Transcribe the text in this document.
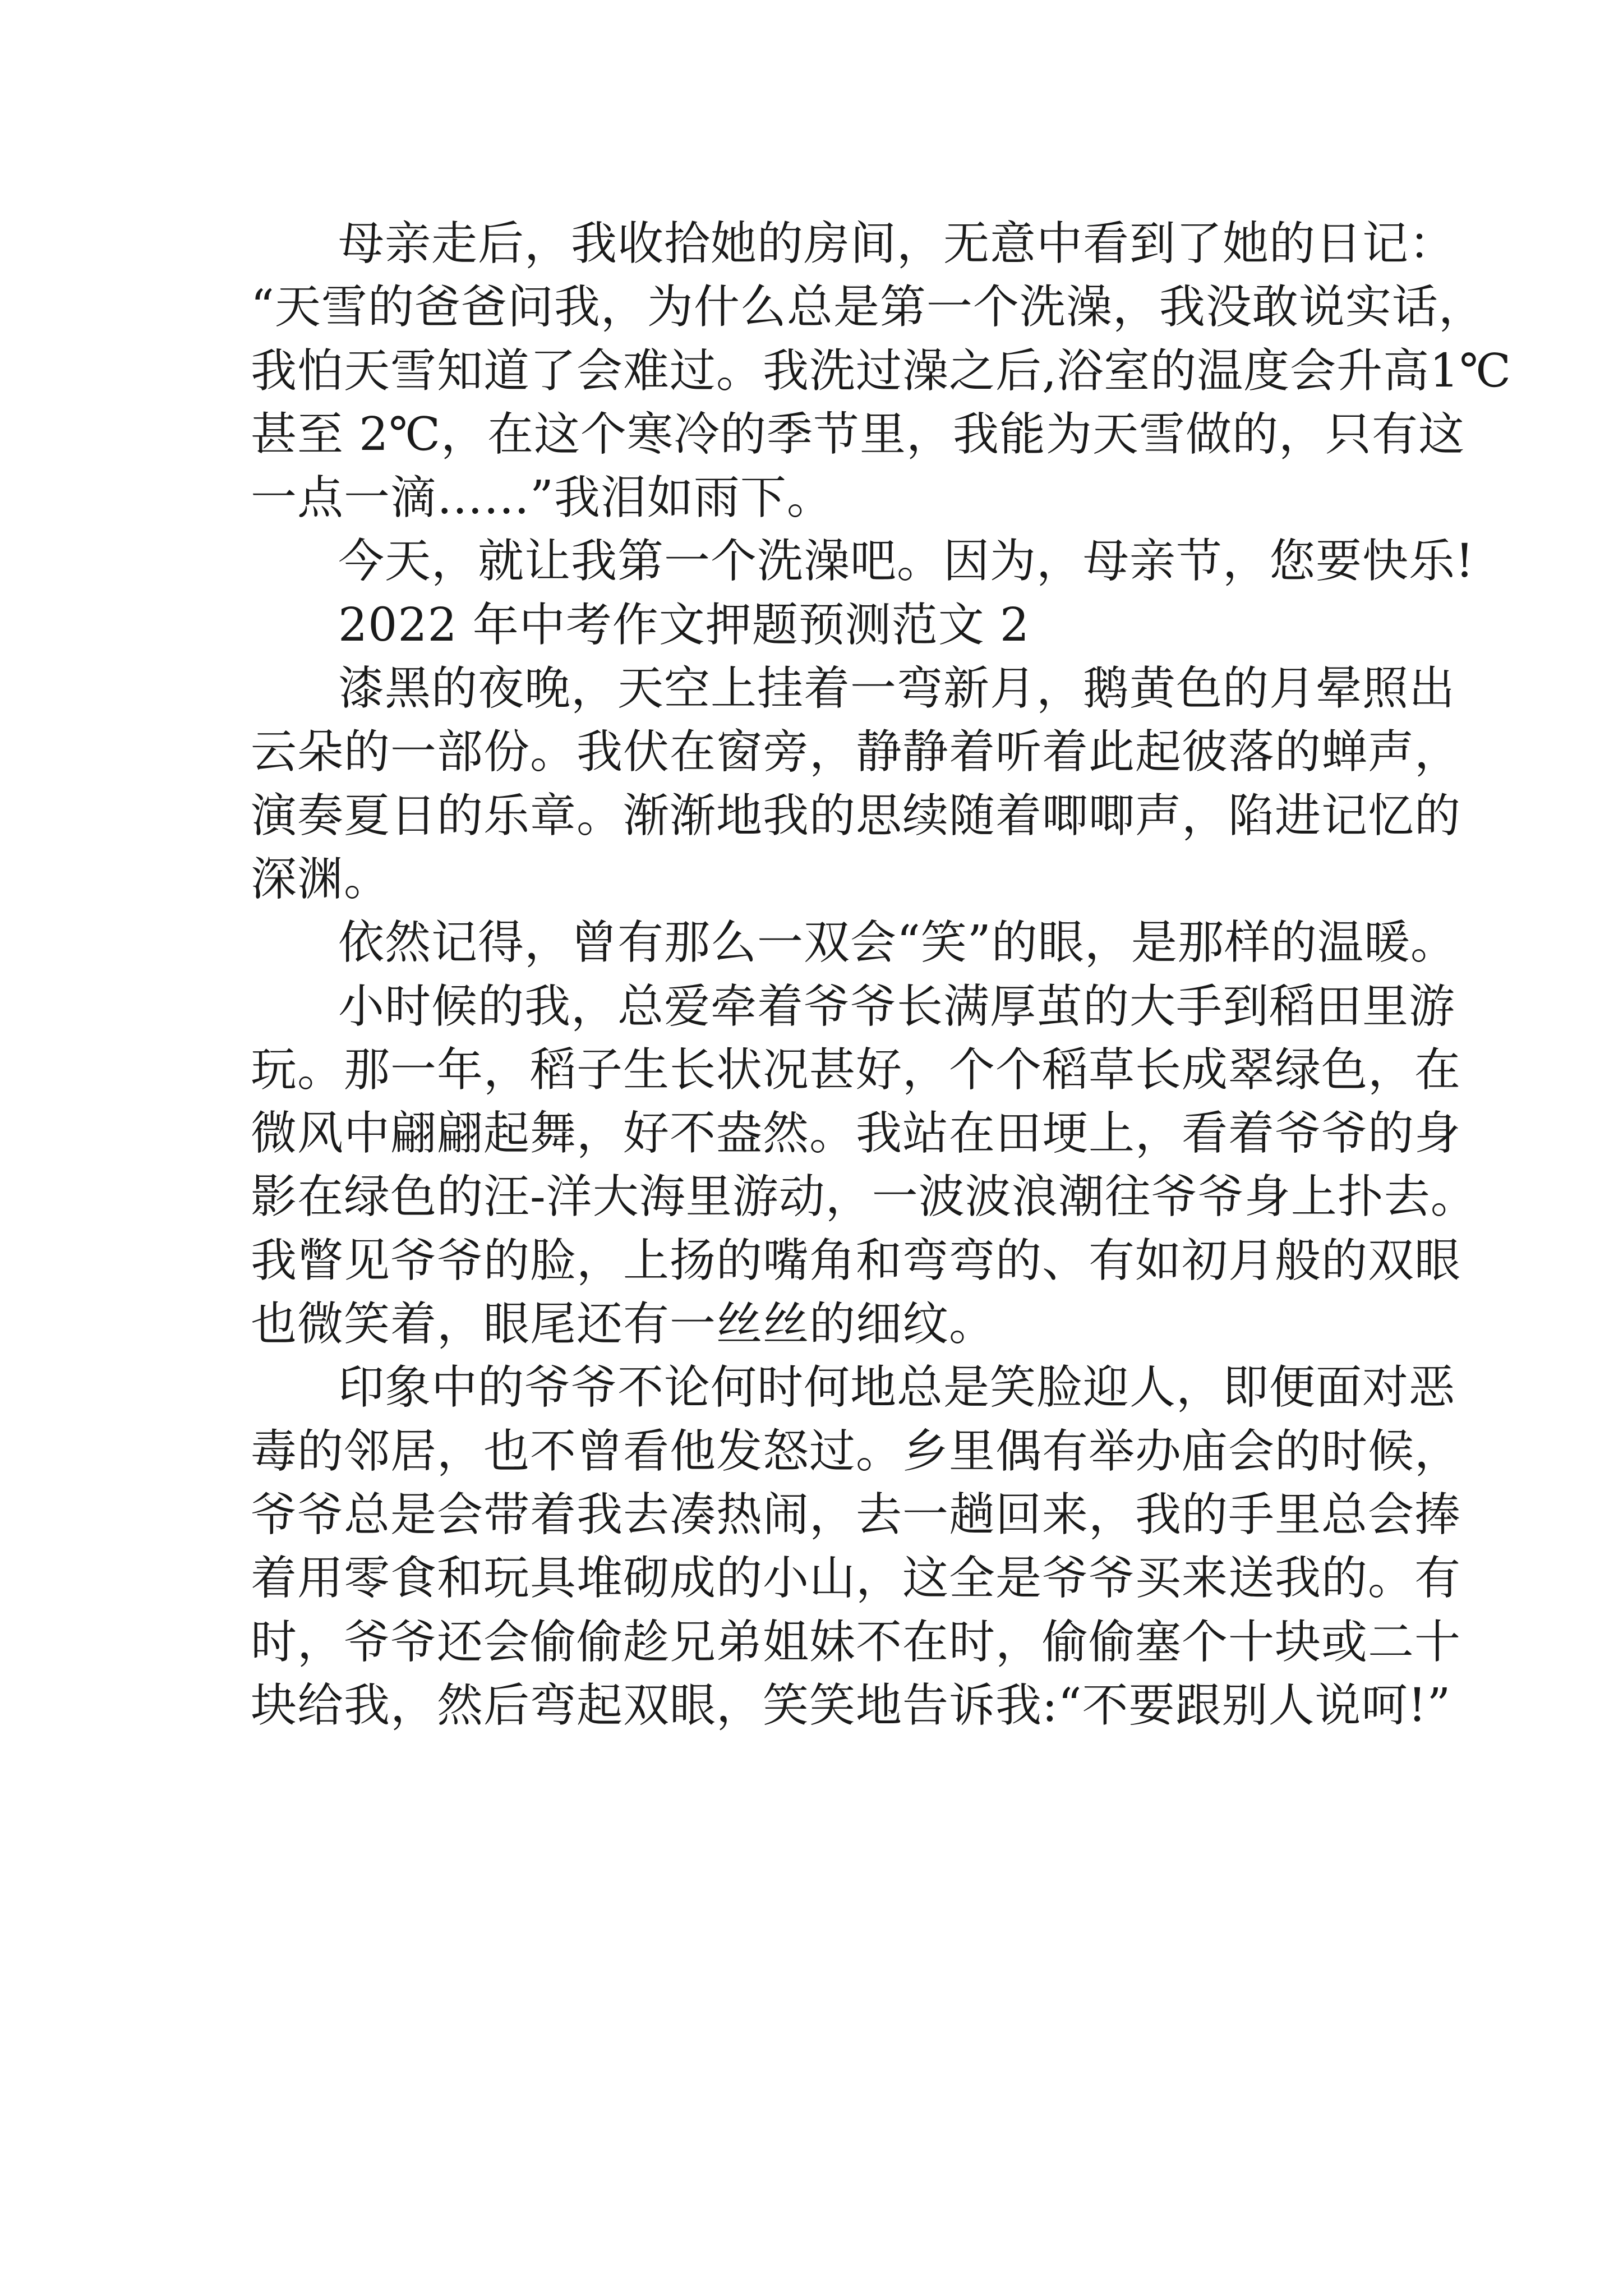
母亲走后，我收拾她的房间，无意中看到了她的日记：
“天雪的爸爸问我，为什么总是第一个洗澡，我没敢说实话，
我怕天雪知道了会难过。我洗过澡之后,浴室的温度会升高1℃
甚至 2℃，在这个寒冷的季节里，我能为天雪做的，只有这
一点一滴……”我泪如雨下。
今天，就让我第一个洗澡吧。因为，母亲节，您要快乐!
2022 年中考作文押题预测范文 2
漆黑的夜晚，天空上挂着一弯新月，鹅黄色的月晕照出
云朵的一部份。我伏在窗旁，静静着听着此起彼落的蝉声，
演奏夏日的乐章。渐渐地我的思续随着唧唧声，陷进记忆的
深渊。
依然记得，曾有那么一双会“笑”的眼，是那样的温暖。
小时候的我，总爱牵着爷爷长满厚茧的大手到稻田里游
玩。那一年，稻子生长状况甚好，个个稻草长成翠绿色，在
微风中翩翩起舞，好不盎然。我站在田埂上，看着爷爷的身
影在绿色的汪-洋大海里游动，一波波浪潮往爷爷身上扑去。
我瞥见爷爷的脸，上扬的嘴角和弯弯的、有如初月般的双眼
也微笑着，眼尾还有一丝丝的细纹。
印象中的爷爷不论何时何地总是笑脸迎人，即便面对恶
毒的邻居，也不曾看他发怒过。乡里偶有举办庙会的时候，
爷爷总是会带着我去凑热闹，去一趟回来，我的手里总会捧
着用零食和玩具堆砌成的小山，这全是爷爷买来送我的。有
时，爷爷还会偷偷趁兄弟姐妹不在时，偷偷塞个十块或二十
块给我，然后弯起双眼，笑笑地告诉我:“不要跟别人说呵!”
